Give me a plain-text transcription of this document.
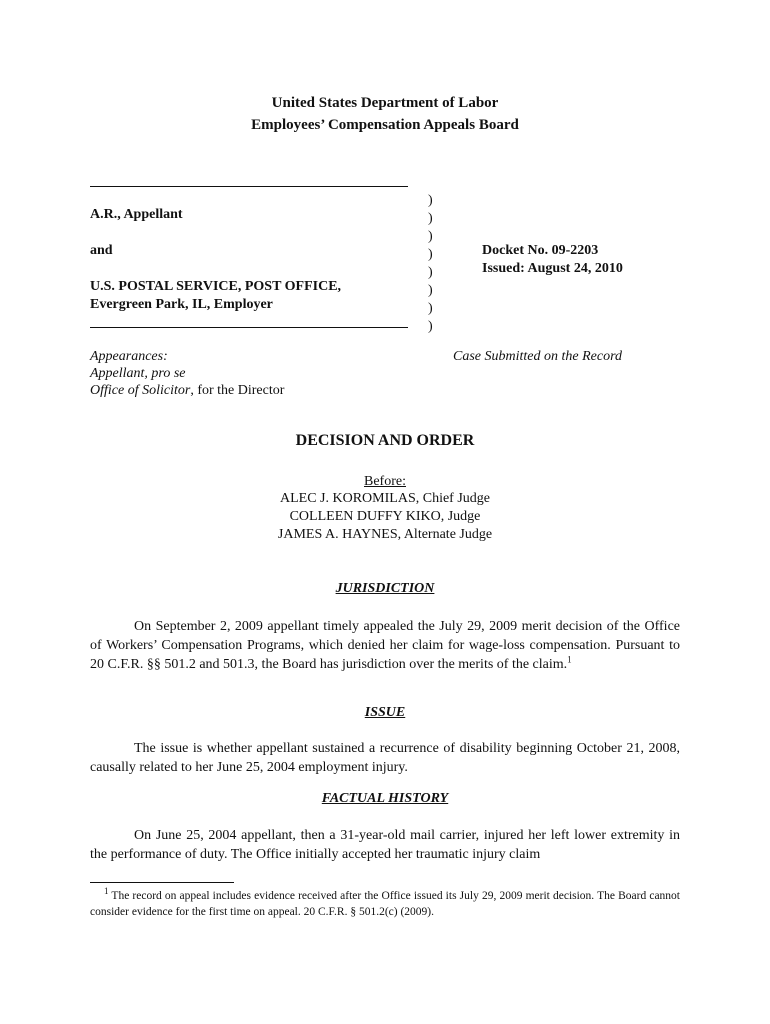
United States Department of Labor
Employees’ Compensation Appeals Board
A.R., Appellant
and
U.S. POSTAL SERVICE, POST OFFICE,
Evergreen Park, IL, Employer
)
)
)
)
)
)
)
)
Docket No. 09-2203
Issued: August 24, 2010
Appearances:
Appellant, pro se
Office of Solicitor, for the Director
Case Submitted on the Record
DECISION AND ORDER
Before:
ALEC J. KOROMILAS, Chief Judge
COLLEEN DUFFY KIKO, Judge
JAMES A. HAYNES, Alternate Judge
JURISDICTION

On September 2, 2009 appellant timely appealed the July 29, 2009 merit decision of the Office of Workers’ Compensation Programs, which denied her claim for wage-loss compensation. Pursuant to 20 C.F.R. §§ 501.2 and 501.3, the Board has jurisdiction over the merits of the claim.$^1$

ISSUE

The issue is whether appellant sustained a recurrence of disability beginning October 21, 2008, causally related to her June 25, 2004 employment injury.

FACTUAL HISTORY

On June 25, 2004 appellant, then a 31-year-old mail carrier, injured her left lower extremity in the performance of duty. The Office initially accepted her traumatic injury claim

$^1$ The record on appeal includes evidence received after the Office issued its July 29, 2009 merit decision. The Board cannot consider evidence for the first time on appeal. 20 C.F.R. § 501.2(c) (2009).
